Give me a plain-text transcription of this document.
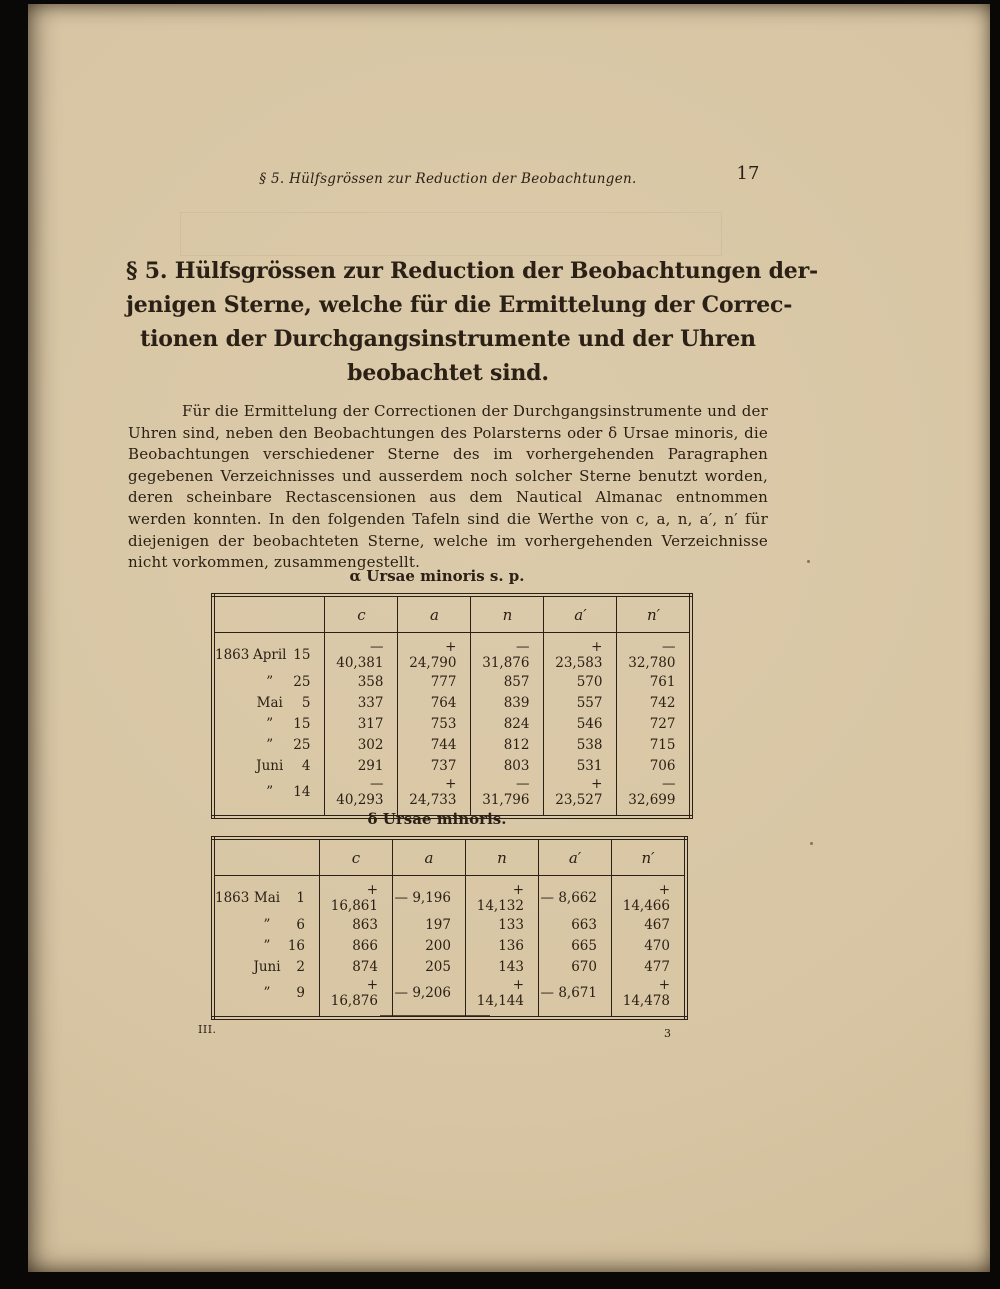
§ 5. Hülfsgrössen zur Reduction der Beobachtungen.	17
§ 5. Hülfsgrössen zur Reduction der Beobachtungen der-
jenigen Sterne, welche für die Ermittelung der Correc-
tionen der Durchgangsinstrumente und der Uhren
beobachtet sind.

Für die Ermittelung der Correctionen der Durchgangsinstrumente und der Uhren sind, neben den Beobachtungen des Polarsterns oder δ Ursae minoris, die Beobachtungen verschiedener Sterne des im vorhergehenden Paragraphen gegebenen Verzeichnisses und ausserdem noch solcher Sterne benutzt worden, deren scheinbare Rectascensionen aus dem Nautical Almanac entnommen werden konnten. In den folgenden Tafeln sind die Werthe von c, a, n, a′, n′ für diejenigen der beobachteten Sterne, welche im vorhergehenden Verzeichnisse nicht vorkommen, zusammengestellt.

α Ursae minoris s. p.
	c	a	n	a′	n′

1863 April 15	— 40,381	+ 24,790	— 31,876	+ 23,583	— 32,780

” 25	358	777	857	570	761

Mai 5	337	764	839	557	742

” 15	317	753	824	546	727

” 25	302	744	812	538	715

Juni 4	291	737	803	531	706

” 14	— 40,293	+ 24,733	— 31,796	+ 23,527	— 32,699
δ Ursae minoris.
	c	a	n	a′	n′

1863 Mai 1	+ 16,861	— 9,196	+ 14,132	— 8,662	+ 14,466

” 6	863	197	133	663	467

” 16	866	200	136	665	470

Juni 2	874	205	143	670	477

” 9	+ 16,876	— 9,206	+ 14,144	— 8,671	+ 14,478
III.	3
